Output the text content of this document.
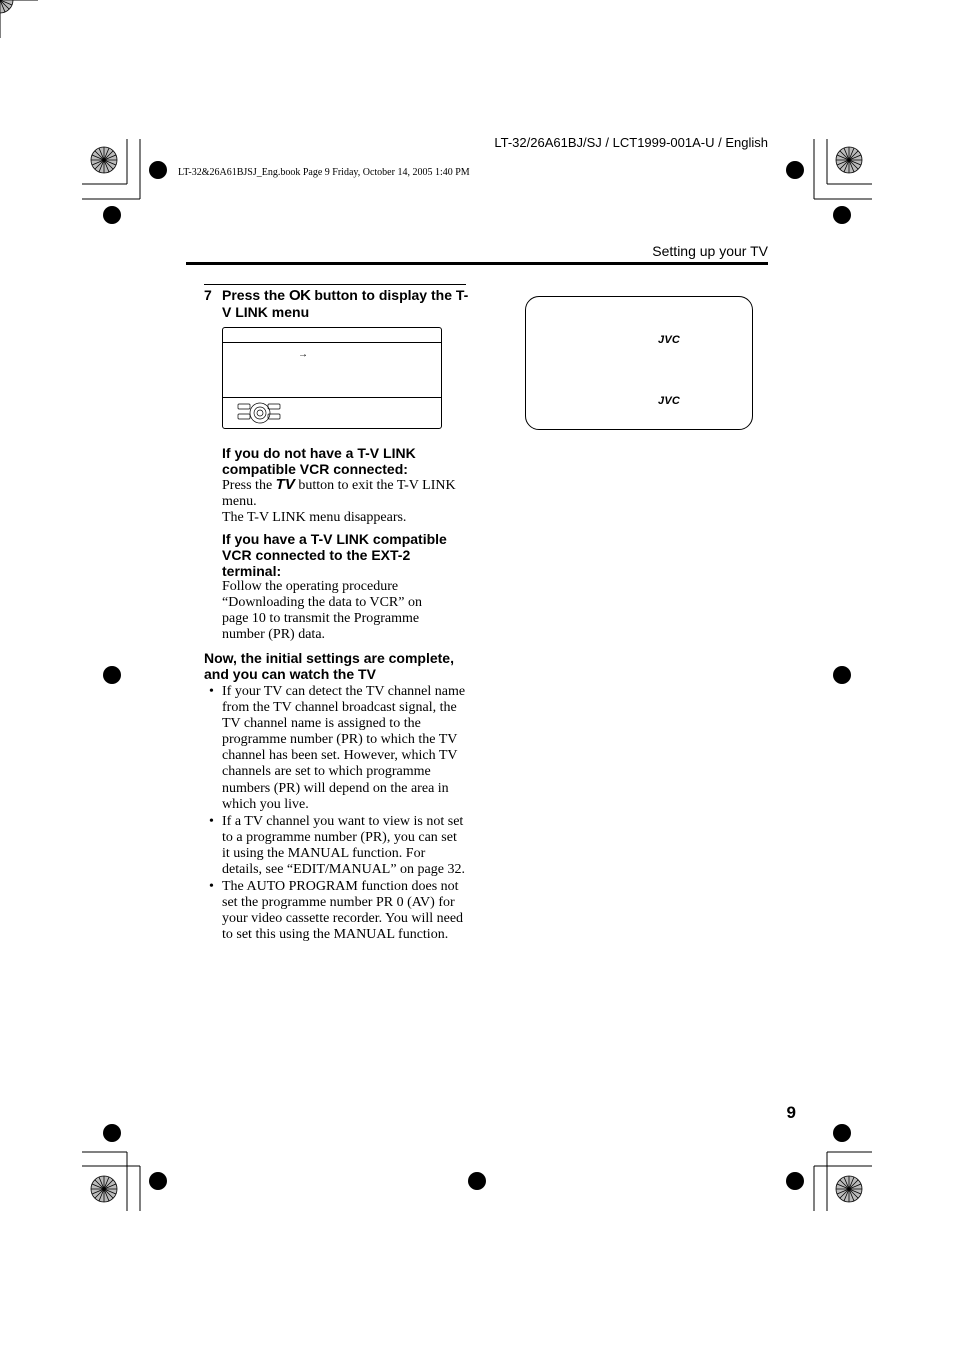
LT-32/26A61BJ/SJ / LCT1999-001A-U / English
LT-32&26A61BJSJ_Eng.book Page 9 Friday, October 14, 2005 1:40 PM
Setting up your TV
7 Press the OK button to display the T-V LINK menu
→
JVC
JVC
If you do not have a T-V LINK compatible VCR connected:
Press the TV button to exit the T-V LINK menu.
The T-V LINK menu disappears.
If you have a T-V LINK compatible VCR connected to the EXT-2 terminal:
Follow the operating procedure “Downloading the data to VCR” on page 10 to transmit the Programme number (PR) data.
Now, the initial settings are complete, and you can watch the TV
• If your TV can detect the TV channel name from the TV channel broadcast signal, the TV channel name is assigned to the programme number (PR) to which the TV channel has been set. However, which TV channels are set to which programme numbers (PR) will depend on the area in which you live.
• If a TV channel you want to view is not set to a programme number (PR), you can set it using the MANUAL function. For details, see “EDIT/MANUAL” on page 32.
• The AUTO PROGRAM function does not set the programme number PR 0 (AV) for your video cassette recorder. You will need to set this using the MANUAL function.
9
